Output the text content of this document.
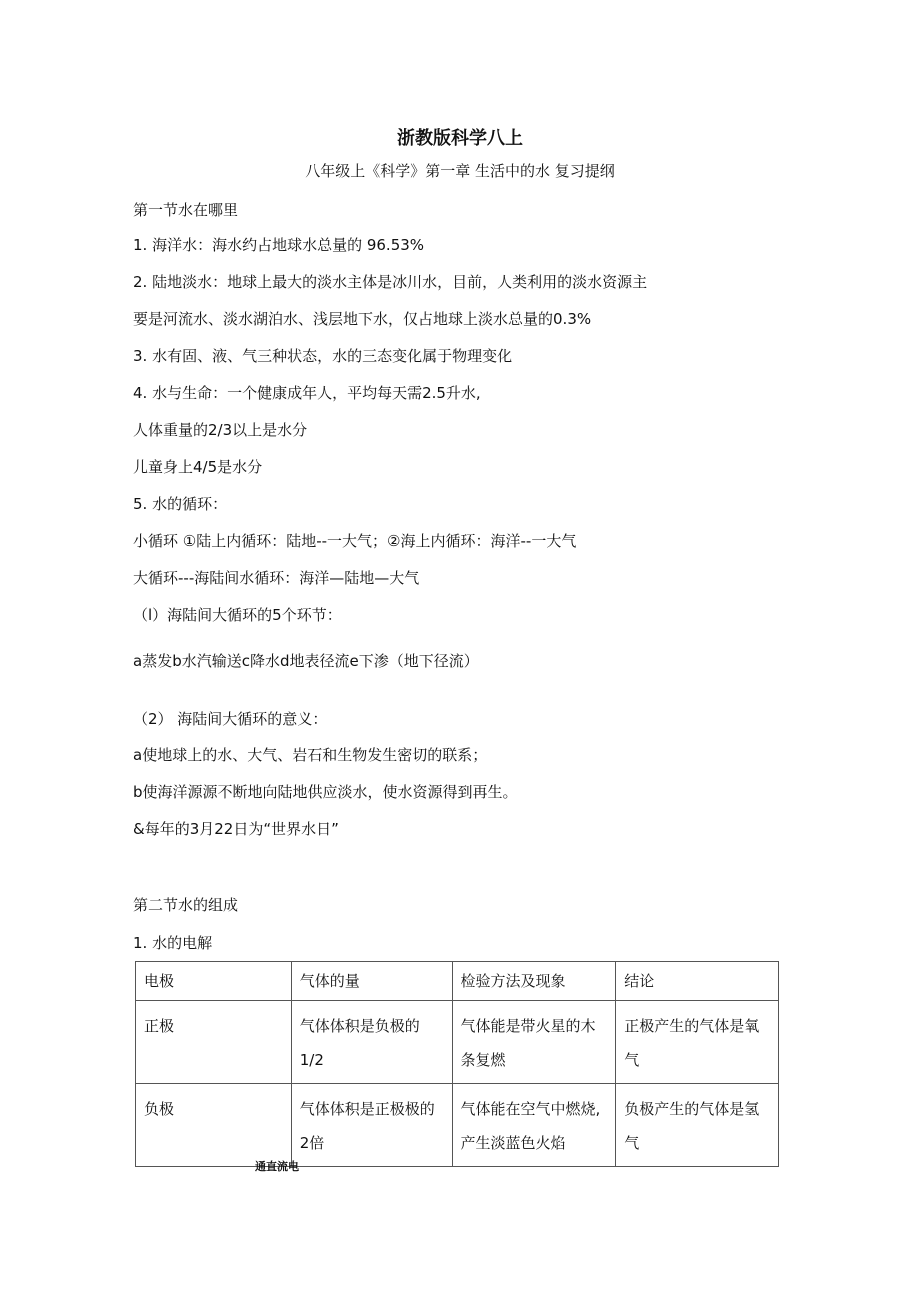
浙教版科学八上
八年级上《科学》第一章 生活中的水 复习提纲
第一节水在哪里
1. 海洋水：海水约占地球水总量的 96.53%
2. 陆地淡水：地球上最大的淡水主体是冰川水，目前，人类利用的淡水资源主
要是河流水、淡水湖泊水、浅层地下水，仅占地球上淡水总量的0.3%
3. 水有固、液、气三种状态，水的三态变化属于物理变化
4. 水与生命：一个健康成年人，平均每天需2.5升水,
人体重量的2/3以上是水分
儿童身上4/5是水分
5. 水的循环：
小循环 ①陆上内循环：陆地--一大气；②海上内循环：海洋--一大气
大循环---海陆间水循环：海洋—陆地—大气
（l）海陆间大循环的5个环节：
a蒸发b水汽输送c降水d地表径流e下渗（地下径流）
（2） 海陆间大循环的意义：
a使地球上的水、大气、岩石和生物发生密切的联系；
b使海洋源源不断地向陆地供应淡水，使水资源得到再生。
&每年的3月22日为“世界水日”
第二节水的组成
1. 水的电解
电极	气体的量	检验方法及现象	结论
正极	气体体积是负极的1/2	气体能是带火星的木条复燃	正极产生的气体是氧气
负极	气体体积是正极极的2倍	气体能在空气中燃烧,产生淡蓝色火焰	负极产生的气体是氢气
通直流电
